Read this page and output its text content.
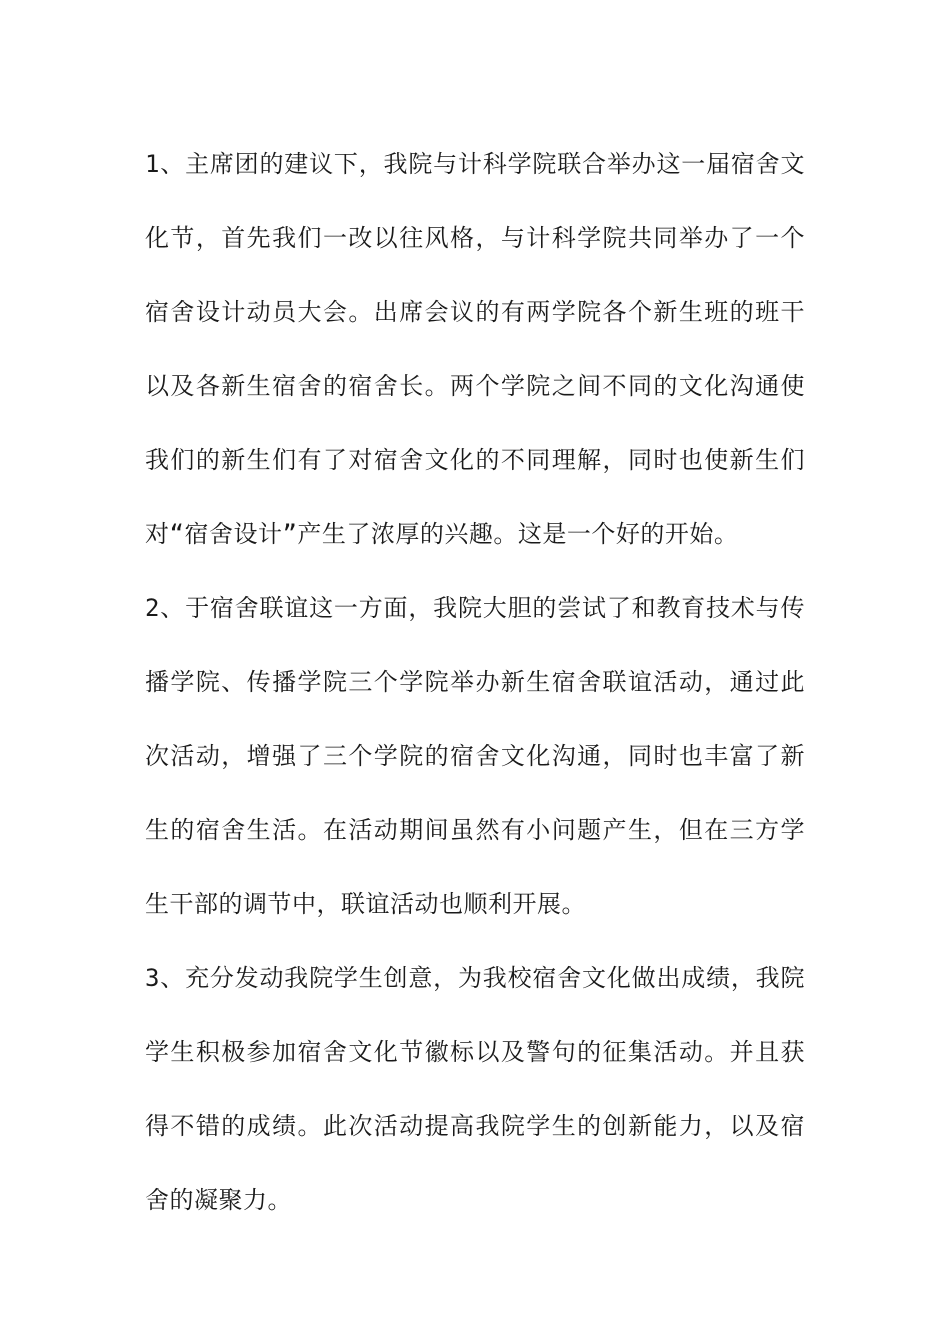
1、主席团的建议下，我院与计科学院联合举办这一届宿舍文化节，首先我们一改以往风格，与计科学院共同举办了一个宿舍设计动员大会。出席会议的有两学院各个新生班的班干以及各新生宿舍的宿舍长。两个学院之间不同的文化沟通使我们的新生们有了对宿舍文化的不同理解，同时也使新生们对“宿舍设计”产生了浓厚的兴趣。这是一个好的开始。

2、于宿舍联谊这一方面，我院大胆的尝试了和教育技术与传播学院、传播学院三个学院举办新生宿舍联谊活动，通过此次活动，增强了三个学院的宿舍文化沟通，同时也丰富了新生的宿舍生活。在活动期间虽然有小问题产生，但在三方学生干部的调节中，联谊活动也顺利开展。

3、充分发动我院学生创意，为我校宿舍文化做出成绩，我院学生积极参加宿舍文化节徽标以及警句的征集活动。并且获得不错的成绩。此次活动提高我院学生的创新能力，以及宿舍的凝聚力。
